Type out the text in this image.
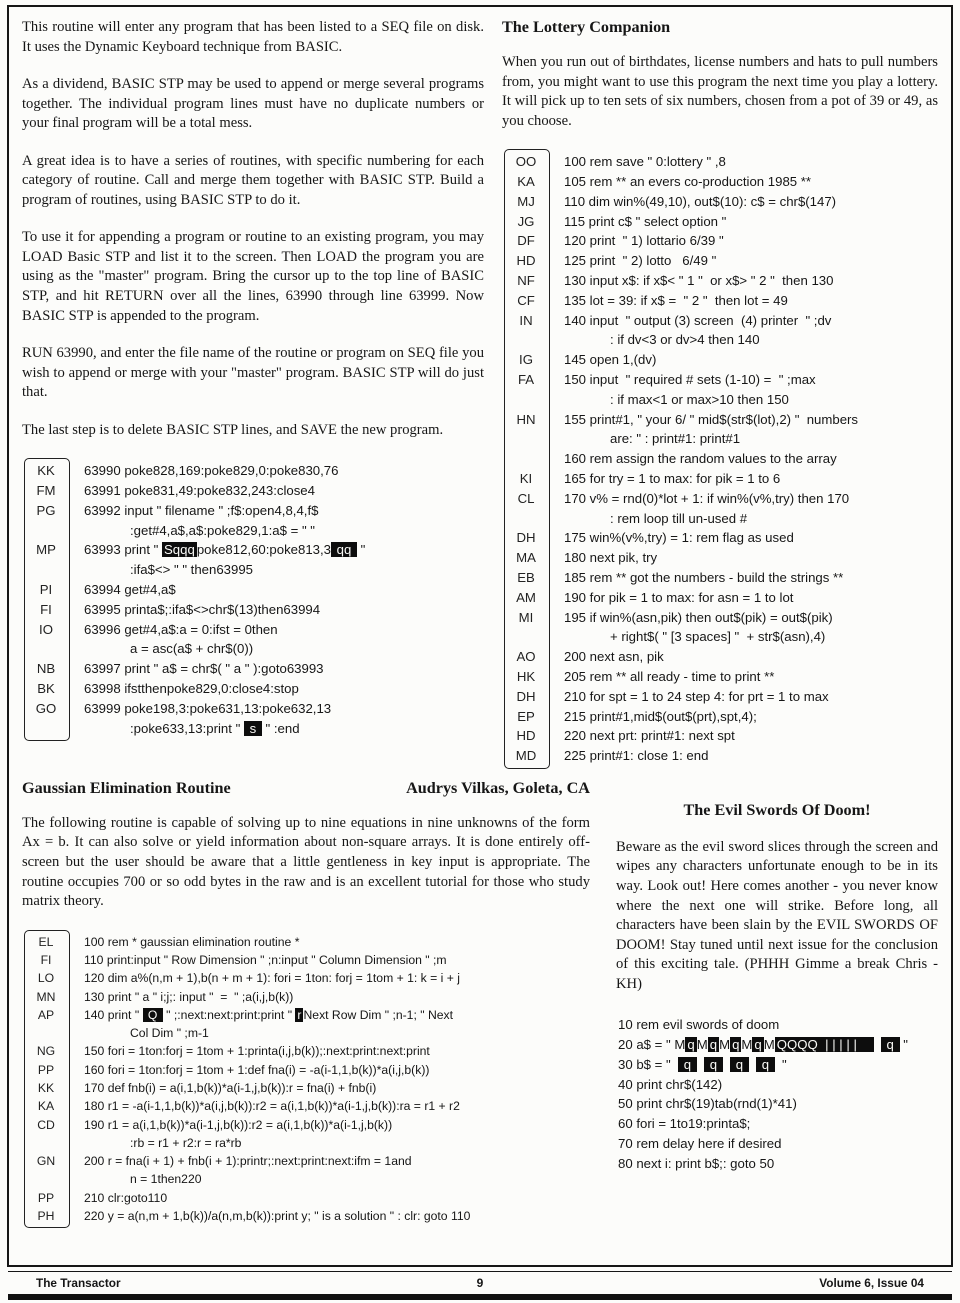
This routine will enter any program that has been listed to a SEQ file on disk. It uses the Dynamic Keyboard technique from BASIC.

As a dividend, BASIC STP may be used to append or merge several programs together. The individual program lines must have no duplicate numbers or your final program will be a total mess.

A great idea is to have a series of routines, with specific numbering for each category of routine. Call and merge them together with BASIC STP. Build a program of routines, using BASIC STP to do it.

To use it for appending a program or routine to an existing program, you may LOAD Basic STP and list it to the screen. Then LOAD the program you are using as the "master" program. Bring the cursor up to the top line of BASIC STP, and hit RETURN over all the lines, 63990 through line 63999. Now BASIC STP is appended to the program.

RUN 63990, and enter the file name of the routine or program on SEQ file you wish to append or merge with your "master" program. BASIC STP will do just that.

The last step is to delete BASIC STP lines, and SAVE the new program.

KK	63990 poke828,169:poke829,0:poke830,76
FM	63991 poke831,49:poke832,243:close4
PG	63992 input " filename " ;f$:open4,8,4,f$
:get#4,a$,a$:poke829,1:a$ = " "
MP	63993 print " Sqqq poke812,60:poke813,3 qq  "
:ifa$<> " " then63995
PI	63994 get#4,a$
FI	63995 printa$;:ifa$<>chr$(13)then63994
IO	63996 get#4,a$:a = 0:ifst = 0then
a = asc(a$ + chr$(0))
NB	63997 print " a$ = chr$( " a " ):goto63993
BK	63998 ifstthenpoke829,0:close4:stop
GO	63999 poke198,3:poke631,13:poke632,13
:poke633,13:print "  s  " :end
The Lottery Companion

When you run out of birthdates, license numbers and hats to pull numbers from, you might want to use this program the next time you play a lottery. It will pick up to ten sets of six numbers, chosen from a pot of 39 or 49, as you choose.

OO	100 rem save " 0:lottery " ,8
KA	105 rem ** an evers co-production 1985 **
MJ	110 dim win%(49,10), out$(10): c$ = chr$(147)
JG	115 print c$ " select option "
DF	120 print  " 1) lottario 6/39 "
HD	125 print  " 2) lotto   6/49 "
NF	130 input x$: if x$< " 1 "  or x$> " 2 "  then 130
CF	135 lot = 39: if x$ =  " 2 "  then lot = 49
IN	140 input  " output (3) screen  (4) printer  " ;dv
: if dv<3 or dv>4 then 140
IG	145 open 1,(dv)
FA	150 input  " required # sets (1-10) =  " ;max
: if max<1 or max>10 then 150
HN	155 print#1, " your 6/ " mid$(str$(lot),2) "  numbers
are: " : print#1: print#1
160 rem assign the random values to the array
KI	165 for try = 1 to max: for pik = 1 to 6
CL	170 v% = rnd(0)*lot + 1: if win%(v%,try) then 170
: rem loop till un-used #
DH	175 win%(v%,try) = 1: rem flag as used
MA	180 next pik, try
EB	185 rem ** got the numbers - build the strings **
AM	190 for pik = 1 to max: for asn = 1 to lot
MI	195 if win%(asn,pik) then out$(pik) = out$(pik)
+ right$( " [3 spaces] "  + str$(asn),4)
AO	200 next asn, pik
HK	205 rem ** all ready - time to print **
DH	210 for spt = 1 to 24 step 4: for prt = 1 to max
EP	215 print#1,mid$(out$(prt),spt,4);
HD	220 next prt: print#1: next spt
MD	225 print#1: close 1: end
Gaussian Elimination Routine	Audrys Vilkas, Goleta, CA

The following routine is capable of solving up to nine equations in nine unknowns of the form Ax = b. It can also solve or yield information about non-square arrays. It is done entirely off-screen but the user should be aware that a little gentleness in key input is appropriate. The routine occupies 700 or so odd bytes in the raw and is an excellent tutorial for those who study matrix theory.

EL	100 rem * gaussian elimination routine *
FI	110 print:input " Row Dimension " ;n:input " Column Dimension " ;m
LO	120 dim a%(n,m + 1),b(n + m + 1): fori = 1ton: forj = 1tom + 1: k = i + j
MN	130 print " a " i;j;: input "  =  " ;a(i,j,b(k))
AP	140 print "  Q  " ;:next:next:print:print " r Next Row Dim " ;n-1; " Next
Col Dim " ;m-1
NG	150 fori = 1ton:forj = 1tom + 1:printa(i,j,b(k));:next:print:next:print
PP	160 fori = 1ton:forj = 1tom + 1:def fna(i) = -a(i-1,1,b(k))*a(i,j,b(k))
KK	170 def fnb(i) = a(i,1,b(k))*a(i-1,j,b(k)):r = fna(i) + fnb(i)
KA	180 r1 = -a(i-1,1,b(k))*a(i,j,b(k)):r2 = a(i,1,b(k))*a(i-1,j,b(k)):ra = r1 + r2
CD	190 r1 = a(i,1,b(k))*a(i-1,j,b(k)):r2 = a(i,1,b(k))*a(i-1,j,b(k))
:rb = r1 + r2:r = ra*rb
GN	200 r = fna(i + 1) + fnb(i + 1):printr;:next:print:next:ifm = 1and
n = 1then220
PP	210 clr:goto110
PH	220 y = a(n,m + 1,b(k))/a(n,m,b(k)):print y; " is a solution " : clr: goto 110
The Evil Swords Of Doom!

Beware as the evil sword slices through the screen and wipes any characters unfortunate enough to be in its way. Look out! Here comes another - you never know where the next one will strike. Before long, all characters have been slain by the EVIL SWORDS OF DOOM! Stay tuned until next issue for the conclusion of this exciting tale. (PHHH Gimme a break Chris - KH)

10 rem evil swords of doom
20 a$ = " M q M q M q M q M QQQQ  | | | | |       q  "
30 b$ = "   q    q    q    q   "
40 print chr$(142)
50 print chr$(19)tab(rnd(1)*41)
60 fori = 1to19:printa$;
70 rem delay here if desired
80 next i: print b$;: goto 50
The Transactor	9	Volume 6, Issue 04
